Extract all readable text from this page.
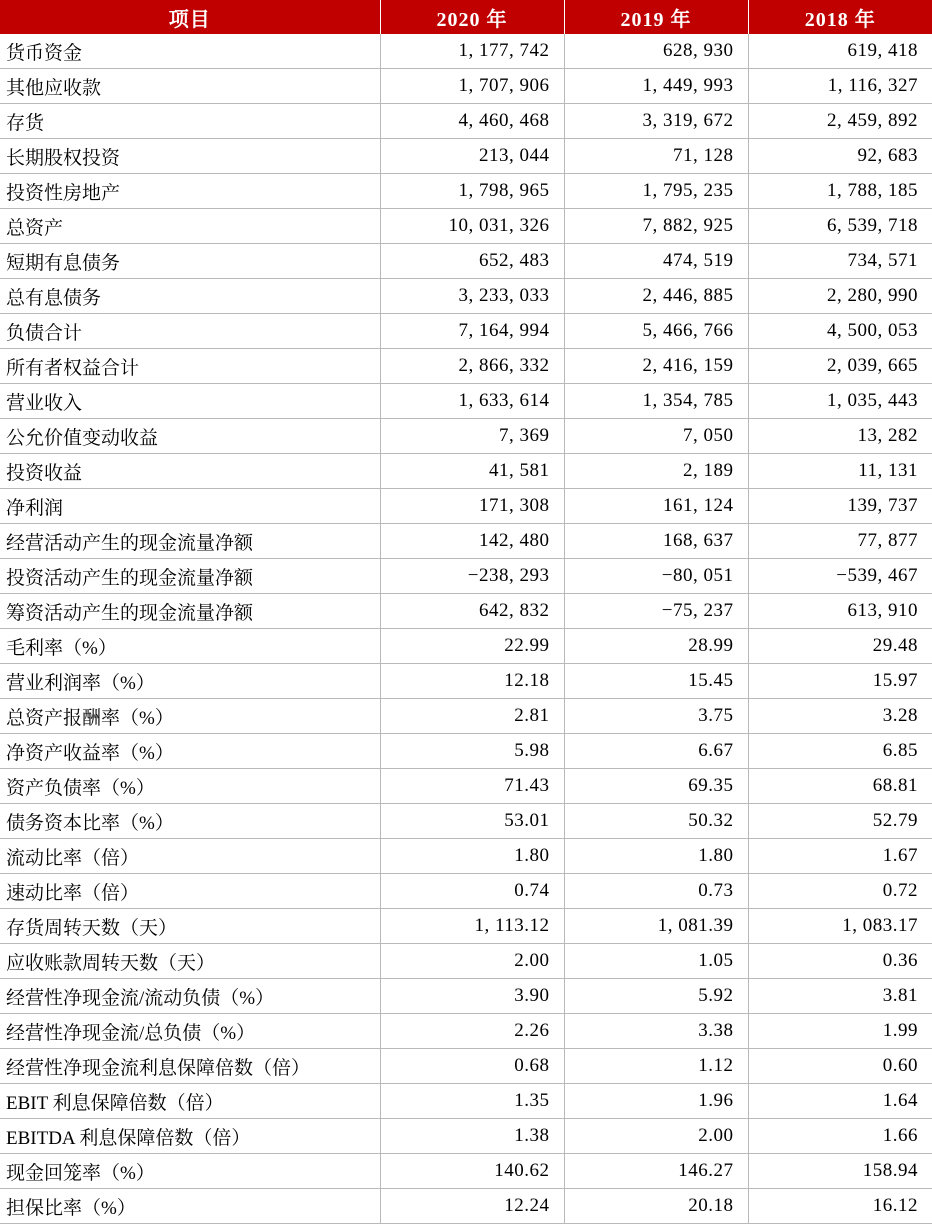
项目	2020 年	2019 年	2018 年
货币资金	1, 177, 742	628, 930	619, 418
其他应收款	1, 707, 906	1, 449, 993	1, 116, 327
存货	4, 460, 468	3, 319, 672	2, 459, 892
长期股权投资	213, 044	71, 128	92, 683
投资性房地产	1, 798, 965	1, 795, 235	1, 788, 185
总资产	10, 031, 326	7, 882, 925	6, 539, 718
短期有息债务	652, 483	474, 519	734, 571
总有息债务	3, 233, 033	2, 446, 885	2, 280, 990
负债合计	7, 164, 994	5, 466, 766	4, 500, 053
所有者权益合计	2, 866, 332	2, 416, 159	2, 039, 665
营业收入	1, 633, 614	1, 354, 785	1, 035, 443
公允价值变动收益	7, 369	7, 050	13, 282
投资收益	41, 581	2, 189	11, 131
净利润	171, 308	161, 124	139, 737
经营活动产生的现金流量净额	142, 480	168, 637	77, 877
投资活动产生的现金流量净额	−238, 293	−80, 051	−539, 467
筹资活动产生的现金流量净额	642, 832	−75, 237	613, 910
毛利率（%）	22.99	28.99	29.48
营业利润率（%）	12.18	15.45	15.97
总资产报酬率（%）	2.81	3.75	3.28
净资产收益率（%）	5.98	6.67	6.85
资产负债率（%）	71.43	69.35	68.81
债务资本比率（%）	53.01	50.32	52.79
流动比率（倍）	1.80	1.80	1.67
速动比率（倍）	0.74	0.73	0.72
存货周转天数（天）	1, 113.12	1, 081.39	1, 083.17
应收账款周转天数（天）	2.00	1.05	0.36
经营性净现金流/流动负债（%）	3.90	5.92	3.81
经营性净现金流/总负债（%）	2.26	3.38	1.99
经营性净现金流利息保障倍数（倍）	0.68	1.12	0.60
EBIT 利息保障倍数（倍）	1.35	1.96	1.64
EBITDA 利息保障倍数（倍）	1.38	2.00	1.66
现金回笼率（%）	140.62	146.27	158.94
担保比率（%）	12.24	20.18	16.12
